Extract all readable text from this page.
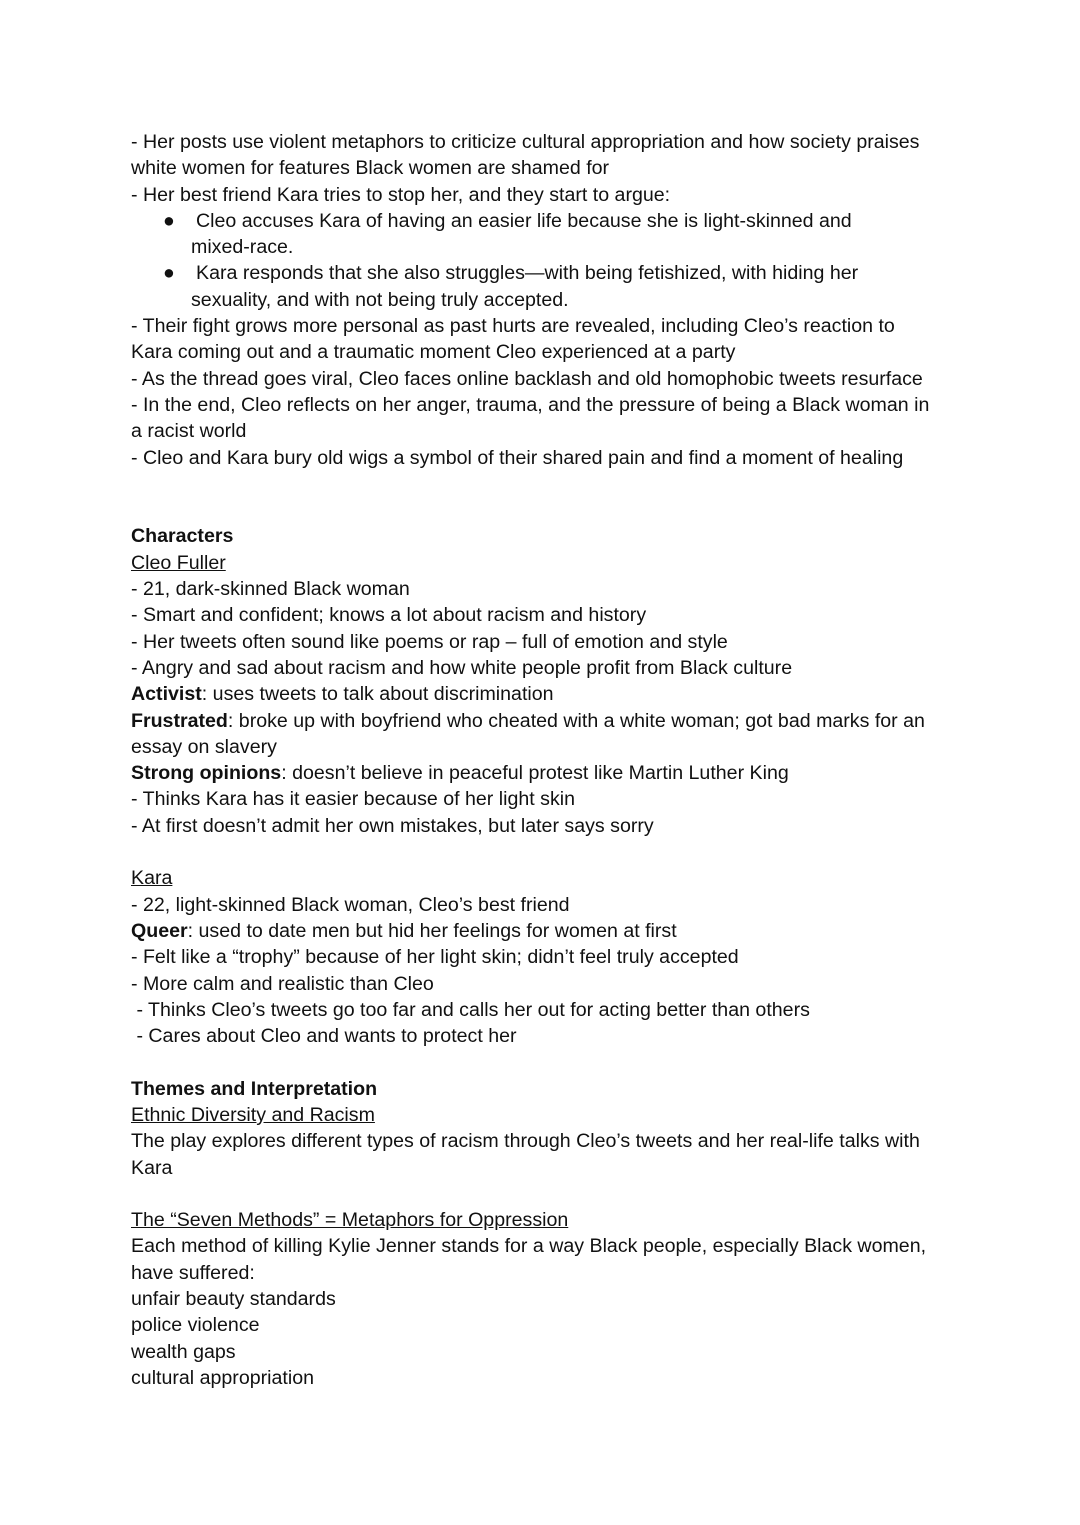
- Her posts use violent metaphors to criticize cultural appropriation and how society praises
white women for features Black women are shamed for
- Her best friend Kara tries to stop her, and they start to argue:
● Cleo accuses Kara of having an easier life because she is light-skinned and
mixed-race.
● Kara responds that she also struggles—with being fetishized, with hiding her
sexuality, and with not being truly accepted.
- Their fight grows more personal as past hurts are revealed, including Cleo’s reaction to
Kara coming out and a traumatic moment Cleo experienced at a party
- As the thread goes viral, Cleo faces online backlash and old homophobic tweets resurface
- In the end, Cleo reflects on her anger, trauma, and the pressure of being a Black woman in
a racist world
- Cleo and Kara bury old wigs a symbol of their shared pain and find a moment of healing
Characters
Cleo Fuller
- 21, dark-skinned Black woman
- Smart and confident; knows a lot about racism and history
- Her tweets often sound like poems or rap – full of emotion and style
- Angry and sad about racism and how white people profit from Black culture
Activist: uses tweets to talk about discrimination
Frustrated: broke up with boyfriend who cheated with a white woman; got bad marks for an
essay on slavery
Strong opinions: doesn’t believe in peaceful protest like Martin Luther King
- Thinks Kara has it easier because of her light skin
- At first doesn’t admit her own mistakes, but later says sorry
Kara
- 22, light-skinned Black woman, Cleo’s best friend
Queer: used to date men but hid her feelings for women at first
- Felt like a “trophy” because of her light skin; didn’t feel truly accepted
- More calm and realistic than Cleo
- Thinks Cleo’s tweets go too far and calls her out for acting better than others
- Cares about Cleo and wants to protect her
Themes and Interpretation
Ethnic Diversity and Racism
The play explores different types of racism through Cleo’s tweets and her real-life talks with
Kara
The “Seven Methods” = Metaphors for Oppression
Each method of killing Kylie Jenner stands for a way Black people, especially Black women,
have suffered:
unfair beauty standards
police violence
wealth gaps
cultural appropriation
